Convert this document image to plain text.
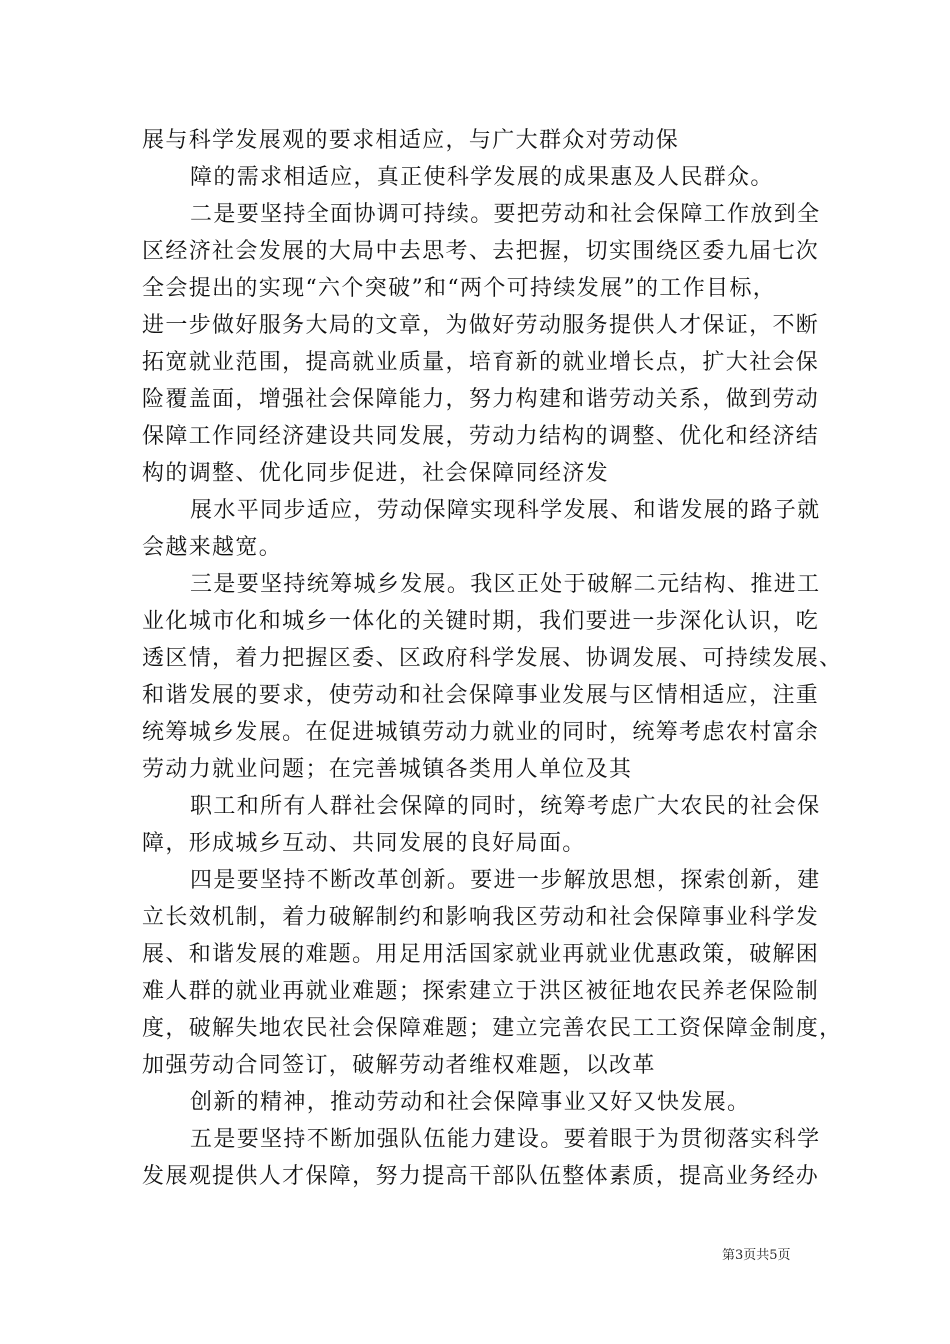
展与科学发展观的要求相适应，与广大群众对劳动保
障的需求相适应，真正使科学发展的成果惠及人民群众。
二是要坚持全面协调可持续。要把劳动和社会保障工作放到全
区经济社会发展的大局中去思考、去把握，切实围绕区委九届七次
全会提出的实现“六个突破”和“两个可持续发展”的工作目标，
进一步做好服务大局的文章，为做好劳动服务提供人才保证，不断
拓宽就业范围，提高就业质量，培育新的就业增长点，扩大社会保
险覆盖面，增强社会保障能力，努力构建和谐劳动关系，做到劳动
保障工作同经济建设共同发展，劳动力结构的调整、优化和经济结
构的调整、优化同步促进，社会保障同经济发
展水平同步适应，劳动保障实现科学发展、和谐发展的路子就
会越来越宽。
三是要坚持统筹城乡发展。我区正处于破解二元结构、推进工
业化城市化和城乡一体化的关键时期，我们要进一步深化认识，吃
透区情，着力把握区委、区政府科学发展、协调发展、可持续发展、
和谐发展的要求，使劳动和社会保障事业发展与区情相适应，注重
统筹城乡发展。在促进城镇劳动力就业的同时，统筹考虑农村富余
劳动力就业问题；在完善城镇各类用人单位及其
职工和所有人群社会保障的同时，统筹考虑广大农民的社会保
障，形成城乡互动、共同发展的良好局面。
四是要坚持不断改革创新。要进一步解放思想，探索创新，建
立长效机制，着力破解制约和影响我区劳动和社会保障事业科学发
展、和谐发展的难题。用足用活国家就业再就业优惠政策，破解困
难人群的就业再就业难题；探索建立于洪区被征地农民养老保险制
度，破解失地农民社会保障难题；建立完善农民工工资保障金制度，
加强劳动合同签订，破解劳动者维权难题，以改革
创新的精神，推动劳动和社会保障事业又好又快发展。
五是要坚持不断加强队伍能力建设。要着眼于为贯彻落实科学
发展观提供人才保障，努力提高干部队伍整体素质，提高业务经办
第3页共5页
